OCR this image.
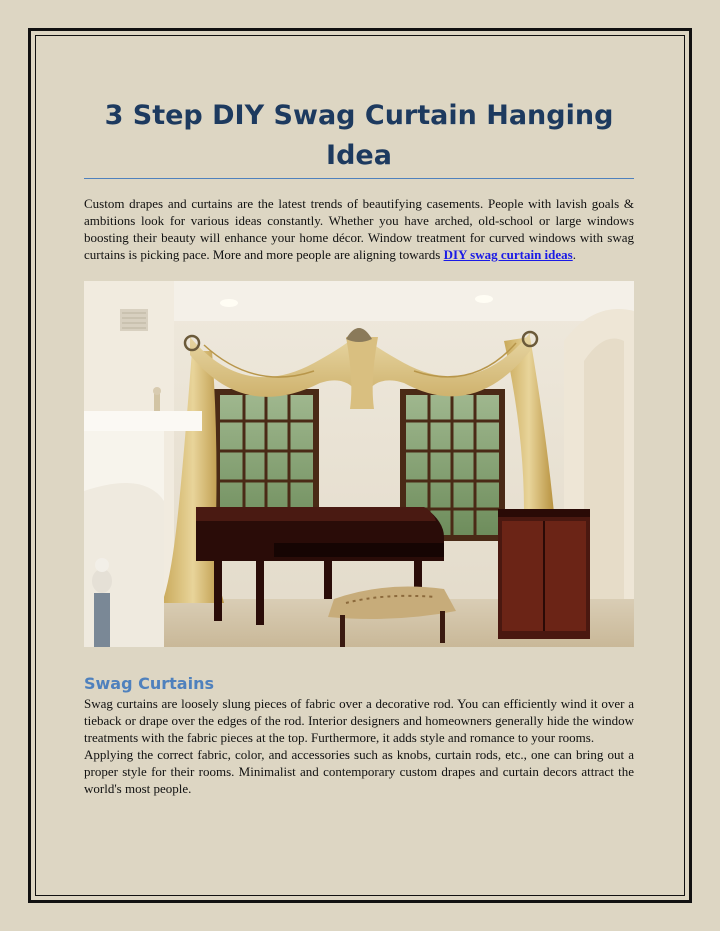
3 Step DIY Swag Curtain Hanging Idea

Custom drapes and curtains are the latest trends of beautifying casements. People with lavish goals & ambitions look for various ideas constantly. Whether you have arched, old-school or large windows boosting their beauty will enhance your home décor. Window treatment for curved windows with swag curtains is picking pace. More and more people are aligning towards DIY swag curtain ideas.

Swag Curtains

Swag curtains are loosely slung pieces of fabric over a decorative rod. You can efficiently wind it over a tieback or drape over the edges of the rod. Interior designers and homeowners generally hide the window treatments with the fabric pieces at the top. Furthermore, it adds style and romance to your rooms.

Applying the correct fabric, color, and accessories such as knobs, curtain rods, etc., one can bring out a proper style for their rooms. Minimalist and contemporary custom drapes and curtain decors attract the world's most people.
